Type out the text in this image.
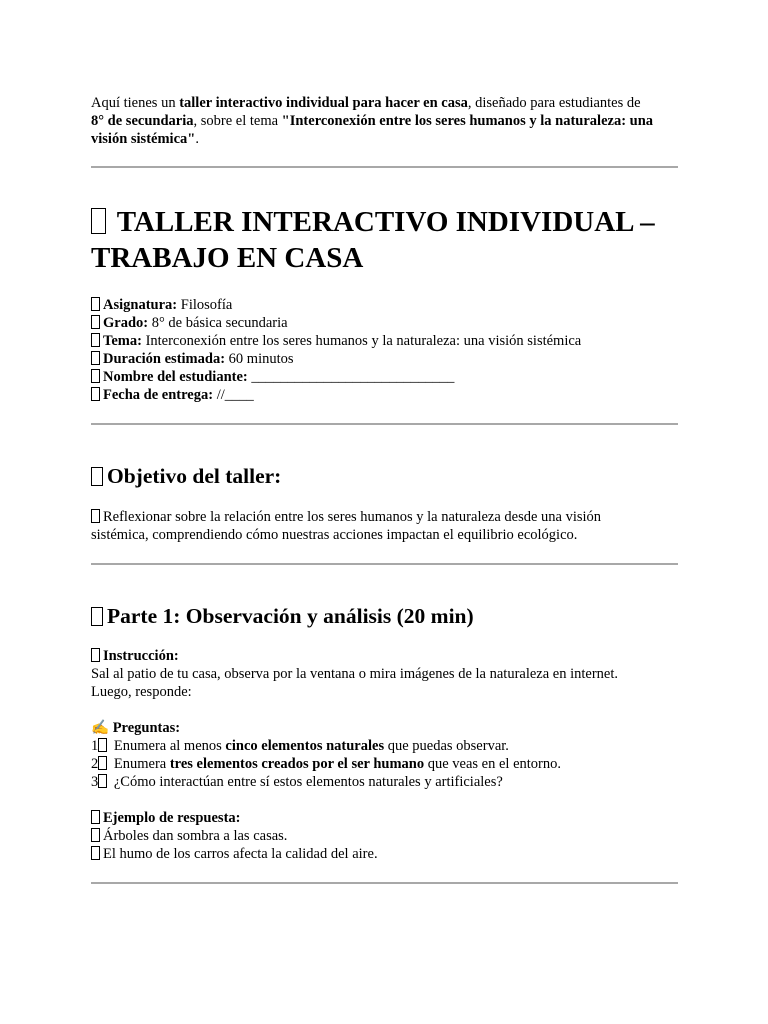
Aquí tienes un taller interactivo individual para hacer en casa, diseñado para estudiantes de
8° de secundaria, sobre el tema "Interconexión entre los seres humanos y la naturaleza: una visión sistémica".

TALLER INTERACTIVO INDIVIDUAL –
TRABAJO EN CASA

Asignatura: Filosofía

Grado: 8° de básica secundaria

Tema: Interconexión entre los seres humanos y la naturaleza: una visión sistémica

Duración estimada: 60 minutos

Nombre del estudiante: ____________________________

Fecha de entrega: //____

Objetivo del taller:

Reflexionar sobre la relación entre los seres humanos y la naturaleza desde una visión sistémica, comprendiendo cómo nuestras acciones impactan el equilibrio ecológico.

Parte 1: Observación y análisis (20 min)

Instrucción:

Sal al patio de tu casa, observa por la ventana o mira imágenes de la naturaleza en internet.

Luego, responde:

✍ Preguntas:

1 Enumera al menos cinco elementos naturales que puedas observar.

2 Enumera tres elementos creados por el ser humano que veas en el entorno.

3 ¿Cómo interactúan entre sí estos elementos naturales y artificiales?

Ejemplo de respuesta:

Árboles dan sombra a las casas.

El humo de los carros afecta la calidad del aire.
